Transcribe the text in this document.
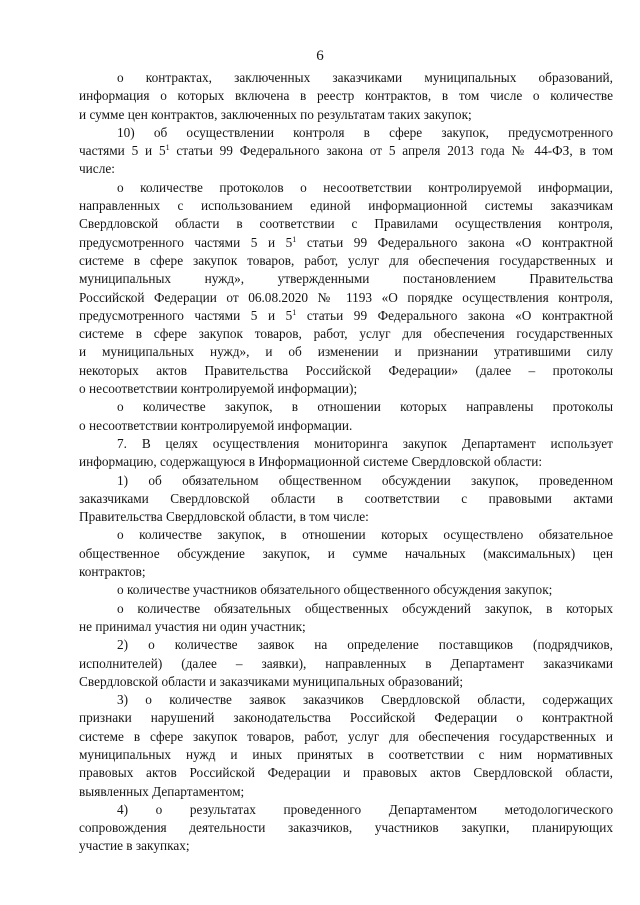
6
о контрактах, заключенных заказчиками муниципальных образований,
информация о которых включена в реестр контрактов, в том числе о количестве
и сумме цен контрактов, заключенных по результатам таких закупок;
10) об осуществлении контроля в сфере закупок, предусмотренного
частями 5 и $5^1$ статьи 99 Федерального закона от 5 апреля 2013 года № 44-ФЗ, в том
числе:
о количестве протоколов о несоответствии контролируемой информации,
направленных с использованием единой информационной системы заказчикам
Свердловской области в соответствии с Правилами осуществления контроля,
предусмотренного частями 5 и $5^1$ статьи 99 Федерального закона «О контрактной
системе в сфере закупок товаров, работ, услуг для обеспечения государственных и
муниципальных нужд», утвержденными постановлением Правительства
Российской Федерации от 06.08.2020 № 1193 «О порядке осуществления контроля,
предусмотренного частями 5 и $5^1$ статьи 99 Федерального закона «О контрактной
системе в сфере закупок товаров, работ, услуг для обеспечения государственных
и муниципальных нужд», и об изменении и признании утратившими силу
некоторых актов Правительства Российской Федерации» (далее – протоколы
о несоответствии контролируемой информации);
о количестве закупок, в отношении которых направлены протоколы
о несоответствии контролируемой информации.
7. В целях осуществления мониторинга закупок Департамент использует
информацию, содержащуюся в Информационной системе Свердловской области:
1) об обязательном общественном обсуждении закупок, проведенном
заказчиками Свердловской области в соответствии с правовыми актами
Правительства Свердловской области, в том числе:
о количестве закупок, в отношении которых осуществлено обязательное
общественное обсуждение закупок, и сумме начальных (максимальных) цен
контрактов;
о количестве участников обязательного общественного обсуждения закупок;
о количестве обязательных общественных обсуждений закупок, в которых
не принимал участия ни один участник;
2) о количестве заявок на определение поставщиков (подрядчиков,
исполнителей) (далее – заявки), направленных в Департамент заказчиками
Свердловской области и заказчиками муниципальных образований;
3) о количестве заявок заказчиков Свердловской области, содержащих
признаки нарушений законодательства Российской Федерации о контрактной
системе в сфере закупок товаров, работ, услуг для обеспечения государственных и
муниципальных нужд и иных принятых в соответствии с ним нормативных
правовых актов Российской Федерации и правовых актов Свердловской области,
выявленных Департаментом;
4) о результатах проведенного Департаментом методологического
сопровождения деятельности заказчиков, участников закупки, планирующих
участие в закупках;
